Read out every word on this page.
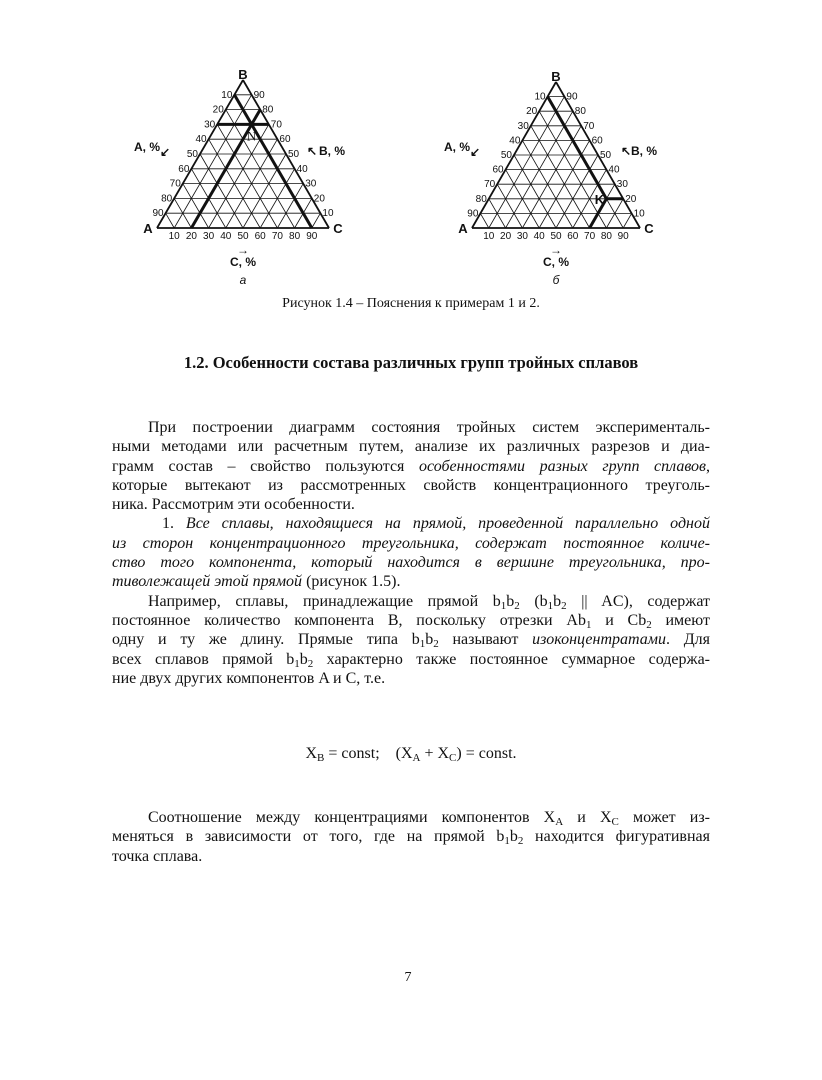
10 90
10
20	80
20
30	70
30
40	60
40
50	50
50
60	40
60
70	30
70
80	20
80
90	10
90
B
A	C
A, % ↙	↖ B, %
C, %
→
а
N
10 90
10
20	80
20
30	70
30
40	60
40
50	50
50
60	40
60
70	30
70
80	20
80
90	10
90
B
A	C
A, % ↙	↖ B, %
C, %
→
б
K
Рисунок 1.4 – Пояснения к примерам 1 и 2.
1.2. Особенности состава различных групп тройных сплавов
При построении диаграмм состояния тройных систем эксперименталь-
ными методами или расчетным путем, анализе их различных разрезов и диа-
грамм состав – свойство пользуются особенностями разных групп сплавов,
которые вытекают из рассмотренных свойств концентрационного треуголь-
ника. Рассмотрим эти особенности.
1. Все сплавы, находящиеся на прямой, проведенной параллельно одной
из сторон концентрационного треугольника, содержат постоянное количе-
ство того компонента, который находится в вершине треугольника, про-
тиволежащей этой прямой (рисунок 1.5).
Например, сплавы, принадлежащие прямой $b_1b_2$ ($b_1b_2$ || AC), содержат
постоянное количество компонента B, поскольку отрезки $Ab_1$ и $Cb_2$ имеют
одну и ту же длину. Прямые типа $b_1b_2$ называют изоконцентратами. Для
всех сплавов прямой $b_1b_2$ характерно также постоянное суммарное содержа-
ние двух других компонентов A и C, т.е.
$X_B$ = const;    $(X_A + X_C)$ = const.
Соотношение между концентрациями компонентов $X_A$ и $X_C$ может из-
меняться в зависимости от того, где на прямой $b_1b_2$ находится фигуративная
точка сплава.
7
